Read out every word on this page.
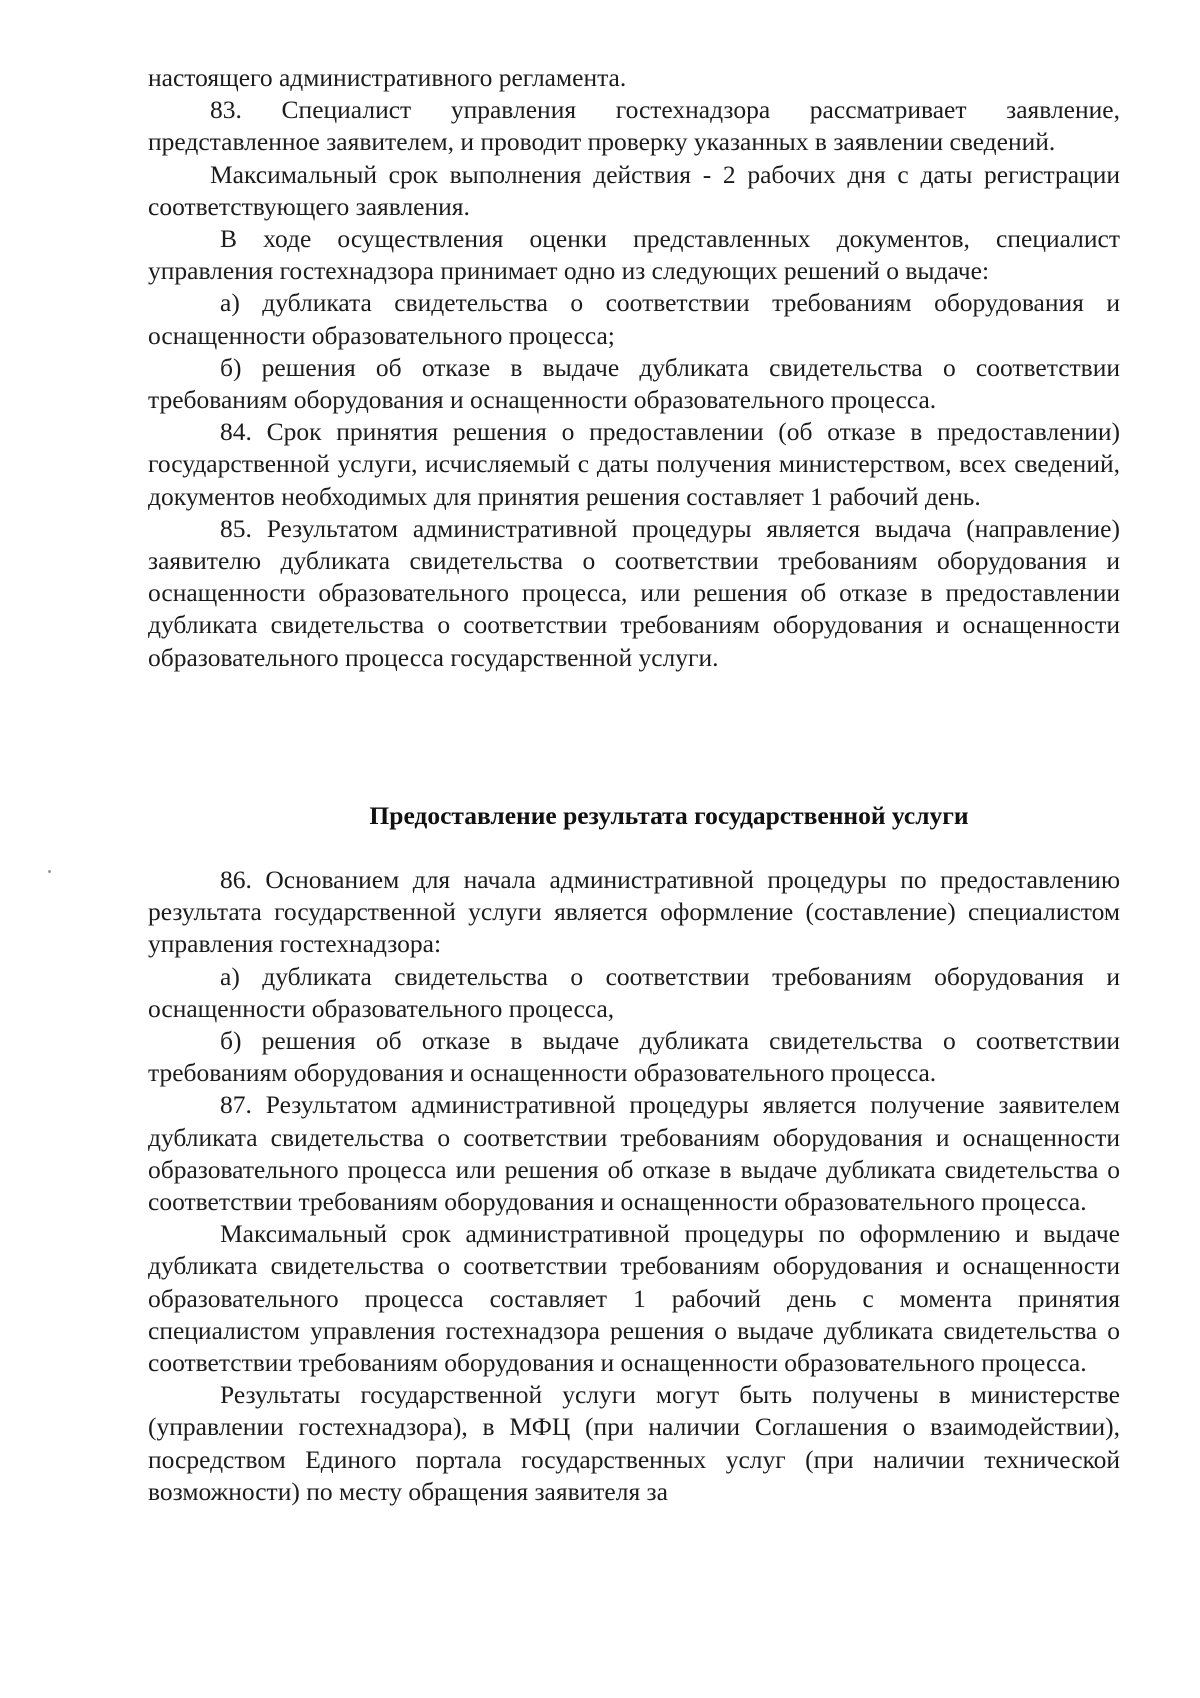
настоящего административного регламента.

83. Специалист управления гостехнадзора рассматривает заявление, представленное заявителем, и проводит проверку указанных в заявлении сведений.

Максимальный срок выполнения действия - 2 рабочих дня с даты регистрации соответствующего заявления.

В ходе осуществления оценки представленных документов, специалист управления гостехнадзора принимает одно из следующих решений о выдаче:

а) дубликата свидетельства о соответствии требованиям оборудования и оснащенности образовательного процесса;

б) решения об отказе в выдаче дубликата свидетельства о соответствии требованиям оборудования и оснащенности образовательного процесса.

84. Срок принятия решения о предоставлении (об отказе в предоставлении) государственной услуги, исчисляемый с даты получения министерством, всех сведений, документов необходимых для принятия решения составляет 1 рабочий день.

85. Результатом административной процедуры является выдача (направление) заявителю дубликата свидетельства о соответствии требованиям оборудования и оснащенности образовательного процесса, или решения об отказе в предоставлении дубликата свидетельства о соответствии требованиям оборудования и оснащенности образовательного процесса государственной услуги.

Предоставление результата государственной услуги

86. Основанием для начала административной процедуры по предоставлению результата государственной услуги является оформление (составление) специалистом управления гостехнадзора:

а) дубликата свидетельства о соответствии требованиям оборудования и оснащенности образовательного процесса,

б) решения об отказе в выдаче дубликата свидетельства о соответствии требованиям оборудования и оснащенности образовательного процесса.

87. Результатом административной процедуры является получение заявителем дубликата свидетельства о соответствии требованиям оборудования и оснащенности образовательного процесса или решения об отказе в выдаче дубликата свидетельства о соответствии требованиям оборудования и оснащенности образовательного процесса.

Максимальный срок административной процедуры по оформлению и выдаче дубликата свидетельства о соответствии требованиям оборудования и оснащенности образовательного процесса составляет 1 рабочий день с момента принятия специалистом управления гостехнадзора решения о выдаче дубликата свидетельства о соответствии требованиям оборудования и оснащенности образовательного процесса.

Результаты государственной услуги могут быть получены в министерстве (управлении гостехнадзора), в МФЦ (при наличии Соглашения о взаимодействии), посредством Единого портала государственных услуг (при наличии технической возможности) по месту обращения заявителя за
